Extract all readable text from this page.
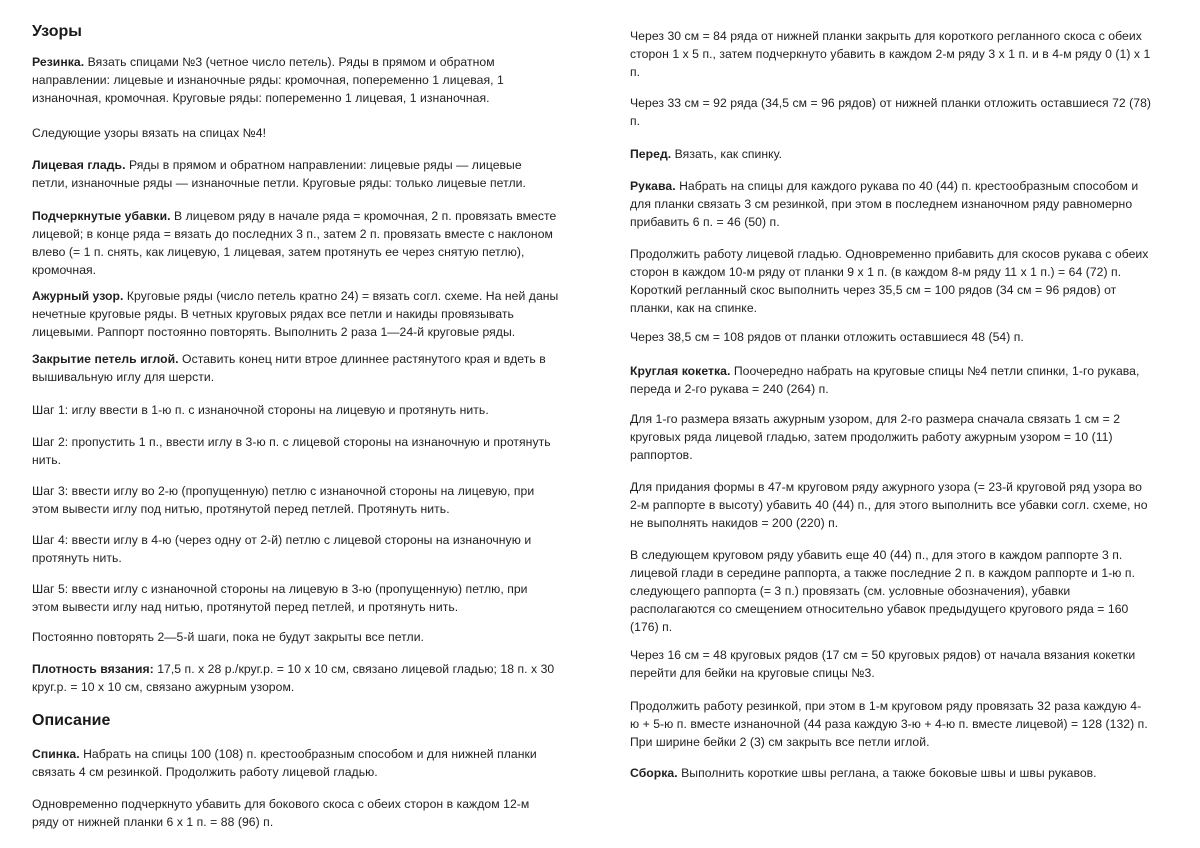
Узоры

Резинка. Вязать спицами №3 (четное число петель). Ряды в прямом и обратном
направлении: лицевые и изнаночные ряды: кромочная, попеременно 1 лицевая, 1
изнаночная, кромочная. Круговые ряды: попеременно 1 лицевая, 1 изнаночная.

Следующие узоры вязать на спицах №4!

Лицевая гладь. Ряды в прямом и обратном направлении: лицевые ряды — лицевые
петли, изнаночные ряды — изнаночные петли. Круговые ряды: только лицевые петли.

Подчеркнутые убавки. В лицевом ряду в начале ряда = кромочная, 2 п. провязать вместе
лицевой; в конце ряда = вязать до последних 3 п., затем 2 п. провязать вместе с наклоном
влево (= 1 п. снять, как лицевую, 1 лицевая, затем протянуть ее через снятую петлю),
кромочная.

Ажурный узор. Круговые ряды (число петель кратно 24) = вязать согл. схеме. На ней даны
нечетные круговые ряды. В четных круговых рядах все петли и накиды провязывать
лицевыми. Раппорт постоянно повторять. Выполнить 2 раза 1—24-й круговые ряды.

Закрытие петель иглой. Оставить конец нити втрое длиннее растянутого края и вдеть в
вышивальную иглу для шерсти.

Шаг 1: иглу ввести в 1-ю п. с изнаночной стороны на лицевую и протянуть нить.

Шаг 2: пропустить 1 п., ввести иглу в 3-ю п. с лицевой стороны на изнаночную и протянуть
нить.

Шаг 3: ввести иглу во 2-ю (пропущенную) петлю с изнаночной стороны на лицевую, при
этом вывести иглу под нитью, протянутой перед петлей. Протянуть нить.

Шаг 4: ввести иглу в 4-ю (через одну от 2-й) петлю с лицевой стороны на изнаночную и
протянуть нить.

Шаг 5: ввести иглу с изнаночной стороны на лицевую в 3-ю (пропущенную) петлю, при
этом вывести иглу над нитью, протянутой перед петлей, и протянуть нить.

Постоянно повторять 2—5-й шаги, пока не будут закрыты все петли.

Плотность вязания: 17,5 п. х 28 р./круг.р. = 10 х 10 см, связано лицевой гладью; 18 п. х 30
круг.р. = 10 х 10 см, связано ажурным узором.

Описание

Спинка. Набрать на спицы 100 (108) п. крестообразным способом и для нижней планки
связать 4 см резинкой. Продолжить работу лицевой гладью.

Одновременно подчеркнуто убавить для бокового скоса с обеих сторон в каждом 12-м
ряду от нижней планки 6 х 1 п. = 88 (96) п.

Через 30 см = 84 ряда от нижней планки закрыть для короткого регланного скоса с обеих
сторон 1 х 5 п., затем подчеркнуто убавить в каждом 2-м ряду 3 х 1 п. и в 4-м ряду 0 (1) х 1
п.

Через 33 см = 92 ряда (34,5 см = 96 рядов) от нижней планки отложить оставшиеся 72 (78)
п.

Перед. Вязать, как спинку.

Рукава. Набрать на спицы для каждого рукава по 40 (44) п. крестообразным способом и
для планки связать 3 см резинкой, при этом в последнем изнаночном ряду равномерно
прибавить 6 п. = 46 (50) п.

Продолжить работу лицевой гладью. Одновременно прибавить для скосов рукава с обеих
сторон в каждом 10-м ряду от планки 9 х 1 п. (в каждом 8-м ряду 11 х 1 п.) = 64 (72) п.
Короткий регланный скос выполнить через 35,5 см = 100 рядов (34 см = 96 рядов) от
планки, как на спинке.

Через 38,5 см = 108 рядов от планки отложить оставшиеся 48 (54) п.

Круглая кокетка. Поочередно набрать на круговые спицы №4 петли спинки, 1-го рукава,
переда и 2-го рукава = 240 (264) п.

Для 1-го размера вязать ажурным узором, для 2-го размера сначала связать 1 см = 2
круговых ряда лицевой гладью, затем продолжить работу ажурным узором = 10 (11)
раппортов.

Для придания формы в 47-м круговом ряду ажурного узора (= 23-й круговой ряд узора во
2-м раппорте в высоту) убавить 40 (44) п., для этого выполнить все убавки согл. схеме, но
не выполнять накидов = 200 (220) п.

В следующем круговом ряду убавить еще 40 (44) п., для этого в каждом раппорте 3 п.
лицевой глади в середине раппорта, а также последние 2 п. в каждом раппорте и 1-ю п.
следующего раппорта (= 3 п.) провязать (см. условные обозначения), убавки
располагаются со смещением относительно убавок предыдущего кругового ряда = 160
(176) п.

Через 16 см = 48 круговых рядов (17 см = 50 круговых рядов) от начала вязания кокетки
перейти для бейки на круговые спицы №3.

Продолжить работу резинкой, при этом в 1-м круговом ряду провязать 32 раза каждую 4-
ю + 5-ю п. вместе изнаночной (44 раза каждую 3-ю + 4-ю п. вместе лицевой) = 128 (132) п.
При ширине бейки 2 (3) см закрыть все петли иглой.

Сборка. Выполнить короткие швы реглана, а также боковые швы и швы рукавов.
